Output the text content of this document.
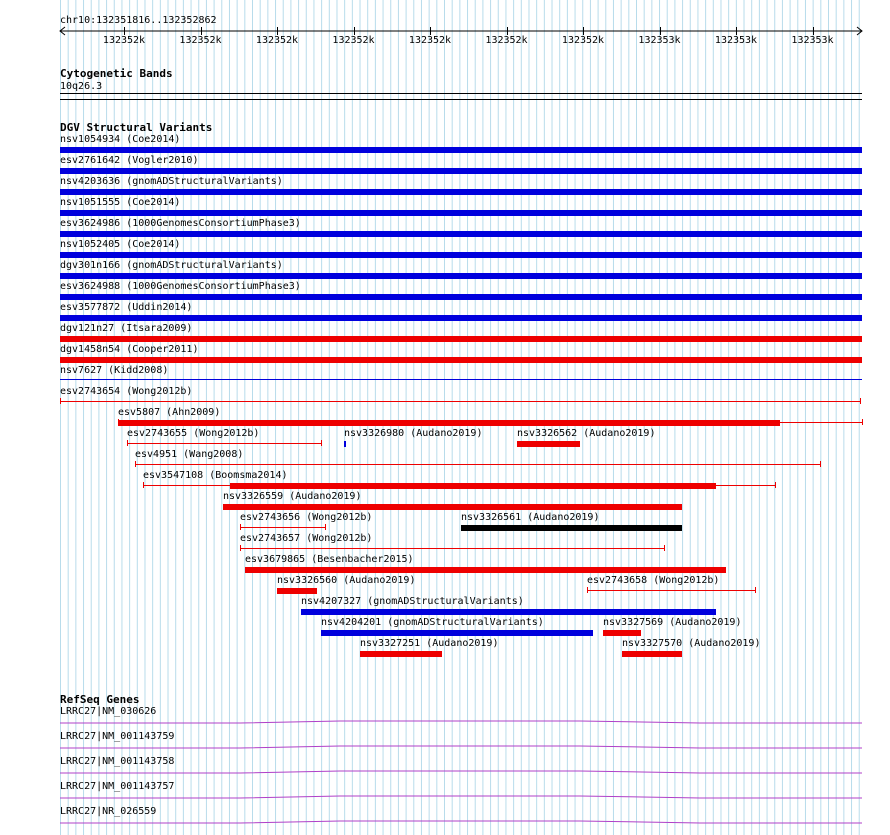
chr10:132351816..132352862
132352k	132352k	132352k	132352k	132352k	132352k	132352k	132353k	132353k	132353k
Cytogenetic Bands
10q26.3
DGV Structural Variants
nsv1054934 (Coe2014)
esv2761642 (Vogler2010)
nsv4203636 (gnomADStructuralVariants)
nsv1051555 (Coe2014)
esv3624986 (1000GenomesConsortiumPhase3)
nsv1052405 (Coe2014)
dgv301n166 (gnomADStructuralVariants)
esv3624988 (1000GenomesConsortiumPhase3)
esv3577872 (Uddin2014)
dgv121n27 (Itsara2009)
dgv1458n54 (Cooper2011)
nsv7627 (Kidd2008)
esv2743654 (Wong2012b)
esv5807 (Ahn2009)
esv2743655 (Wong2012b)	nsv3326980 (Audano2019)	nsv3326562 (Audano2019)
esv4951 (Wang2008)
esv3547108 (Boomsma2014)
nsv3326559 (Audano2019)
esv2743656 (Wong2012b)	nsv3326561 (Audano2019)
esv2743657 (Wong2012b)
esv3679865 (Besenbacher2015)
nsv3326560 (Audano2019)	esv2743658 (Wong2012b)
nsv4207327 (gnomADStructuralVariants)
nsv4204201 (gnomADStructuralVariants)	nsv3327569 (Audano2019)
nsv3327251 (Audano2019)	nsv3327570 (Audano2019)
RefSeq Genes
LRRC27|NM_030626
LRRC27|NM_001143759
LRRC27|NM_001143758
LRRC27|NM_001143757
LRRC27|NR_026559
